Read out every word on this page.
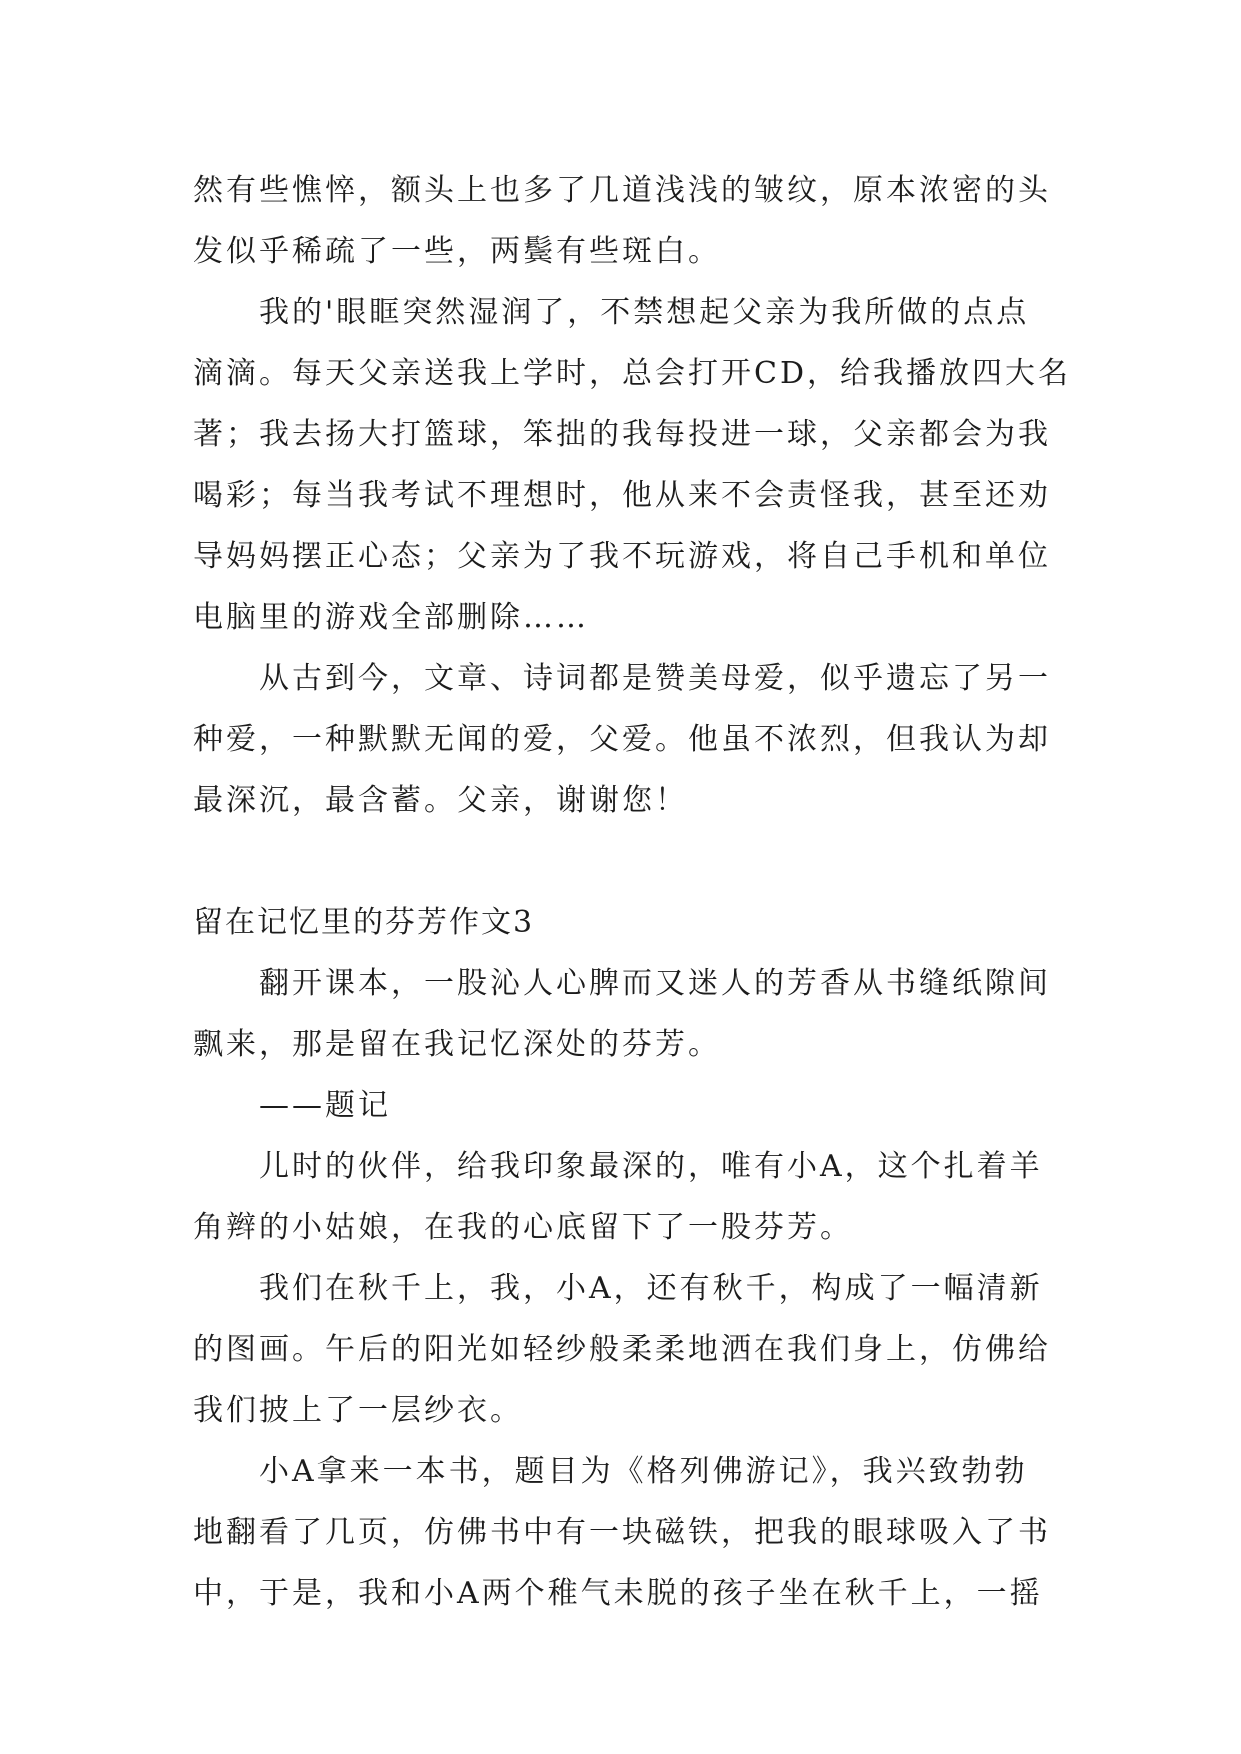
然有些憔悴，额头上也多了几道浅浅的皱纹，原本浓密的头
发似乎稀疏了一些，两鬓有些斑白。
我的'眼眶突然湿润了，不禁想起父亲为我所做的点点
滴滴。每天父亲送我上学时，总会打开CD，给我播放四大名
著；我去扬大打篮球，笨拙的我每投进一球，父亲都会为我
喝彩；每当我考试不理想时，他从来不会责怪我，甚至还劝
导妈妈摆正心态；父亲为了我不玩游戏，将自己手机和单位
电脑里的游戏全部删除……
从古到今，文章、诗词都是赞美母爱，似乎遗忘了另一
种爱，一种默默无闻的爱，父爱。他虽不浓烈，但我认为却
最深沉，最含蓄。父亲，谢谢您！
留在记忆里的芬芳作文3
翻开课本，一股沁人心脾而又迷人的芳香从书缝纸隙间
飘来，那是留在我记忆深处的芬芳。
——题记
儿时的伙伴，给我印象最深的，唯有小A，这个扎着羊
角辫的小姑娘，在我的心底留下了一股芬芳。
我们在秋千上，我，小A，还有秋千，构成了一幅清新
的图画。午后的阳光如轻纱般柔柔地洒在我们身上，仿佛给
我们披上了一层纱衣。
小A拿来一本书，题目为《格列佛游记》，我兴致勃勃
地翻看了几页，仿佛书中有一块磁铁，把我的眼球吸入了书
中，于是，我和小A两个稚气未脱的孩子坐在秋千上，一摇
